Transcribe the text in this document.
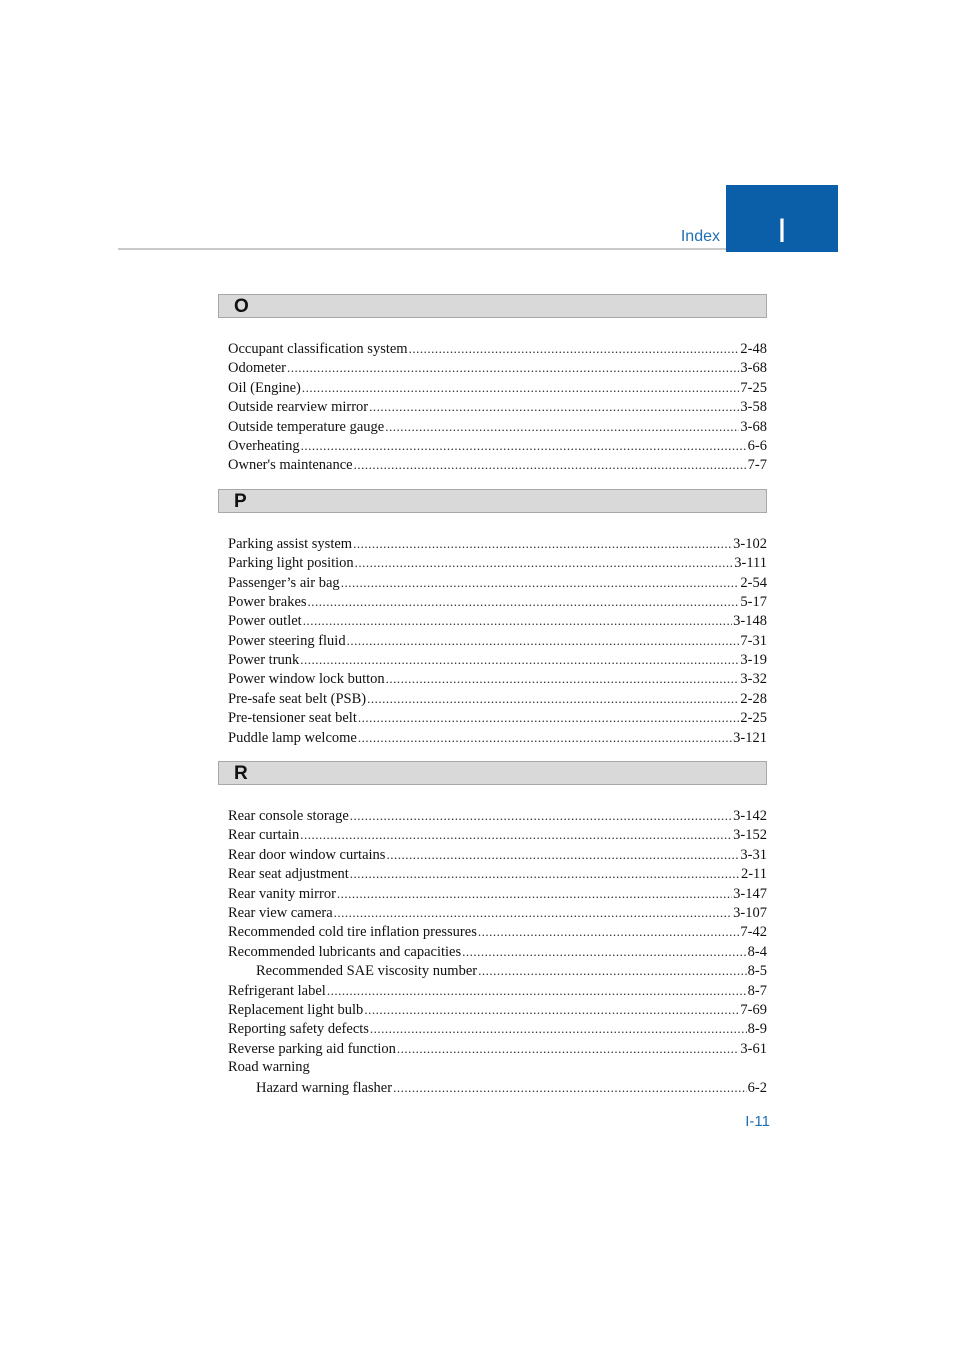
Index I
O
Occupant classification system .....	2-48
Odometer .....	3-68
Oil (Engine) .....	7-25
Outside rearview mirror .....	3-58
Outside temperature gauge .....	3-68
Overheating .....	6-6
Owner's maintenance .....	7-7
P
Parking assist system .....	3-102
Parking light position .....	3-111
Passenger’s air bag .....	2-54
Power brakes .....	5-17
Power outlet .....	3-148
Power steering fluid .....	7-31
Power trunk .....	3-19
Power window lock button .....	3-32
Pre-safe seat belt (PSB) .....	2-28
Pre-tensioner seat belt .....	2-25
Puddle lamp welcome .....	3-121
R
Rear console storage .....	3-142
Rear curtain .....	3-152
Rear door window curtains .....	3-31
Rear seat adjustment .....	2-11
Rear vanity mirror .....	3-147
Rear view camera .....	3-107
Recommended cold tire inflation pressures .....	7-42
Recommended lubricants and capacities .....	8-4
Recommended SAE viscosity number .....	8-5
Refrigerant label .....	8-7
Replacement light bulb .....	7-69
Reporting safety defects .....	8-9
Reverse parking aid function .....	3-61
Road warning
Hazard warning flasher .....	6-2
I-11
